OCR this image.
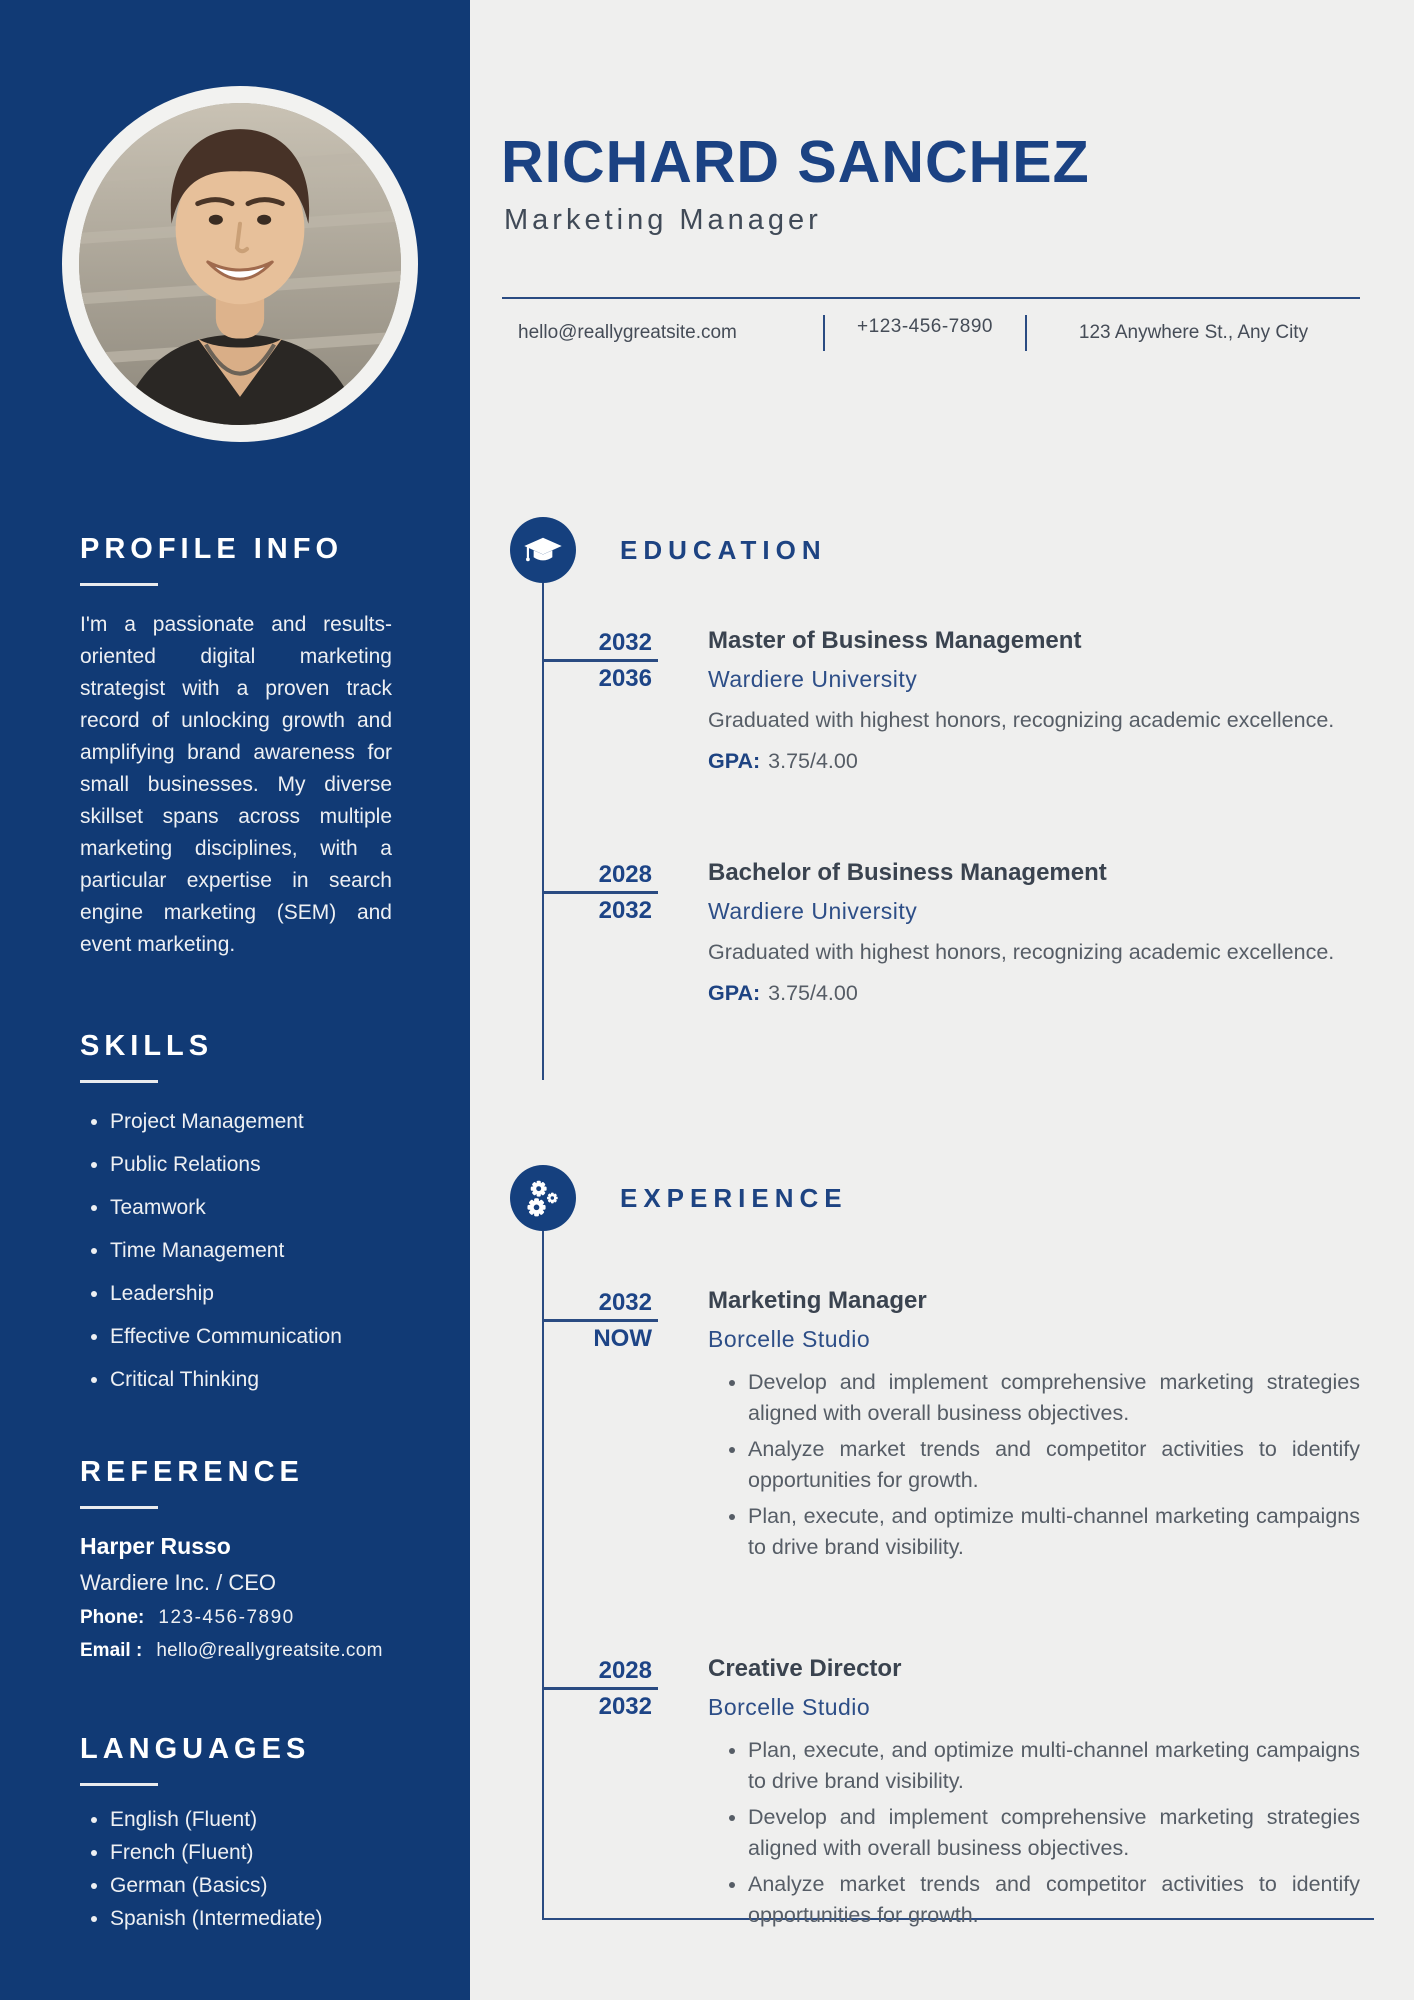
PROFILE INFO

I'm a passionate and results-oriented digital marketing strategist with a proven track record of unlocking growth and amplifying brand awareness for small businesses. My diverse skillset spans across multiple marketing disciplines, with a particular expertise in search engine marketing (SEM) and event marketing.

SKILLS
• Project Management
• Public Relations
• Teamwork
• Time Management
• Leadership
• Effective Communication
• Critical Thinking
REFERENCE
Harper Russo
Wardiere Inc. / CEO
Phone: 123-456-7890
Email : hello@reallygreatsite.com
LANGUAGES
• English (Fluent)
• French (Fluent)
• German (Basics)
• Spanish (Intermediate)
RICHARD SANCHEZ
Marketing Manager
hello@reallygreatsite.com	+123-456-7890	123 Anywhere St., Any City
EDUCATION
2032
2036
Master of Business Management
Wardiere University

Graduated with highest honors, recognizing academic excellence.

GPA: 3.75/4.00
2028
2032
Bachelor of Business Management
Wardiere University

Graduated with highest honors, recognizing academic excellence.

GPA: 3.75/4.00
EXPERIENCE
2032
NOW
Marketing Manager
Borcelle Studio
• Develop and implement comprehensive marketing strategies aligned with overall business objectives.
• Analyze market trends and competitor activities to identify opportunities for growth.
• Plan, execute, and optimize multi-channel marketing campaigns to drive brand visibility.
2028
2032
Creative Director
Borcelle Studio
• Plan, execute, and optimize multi-channel marketing campaigns to drive brand visibility.
• Develop and implement comprehensive marketing strategies aligned with overall business objectives.
• Analyze market trends and competitor activities to identify opportunities for growth.
